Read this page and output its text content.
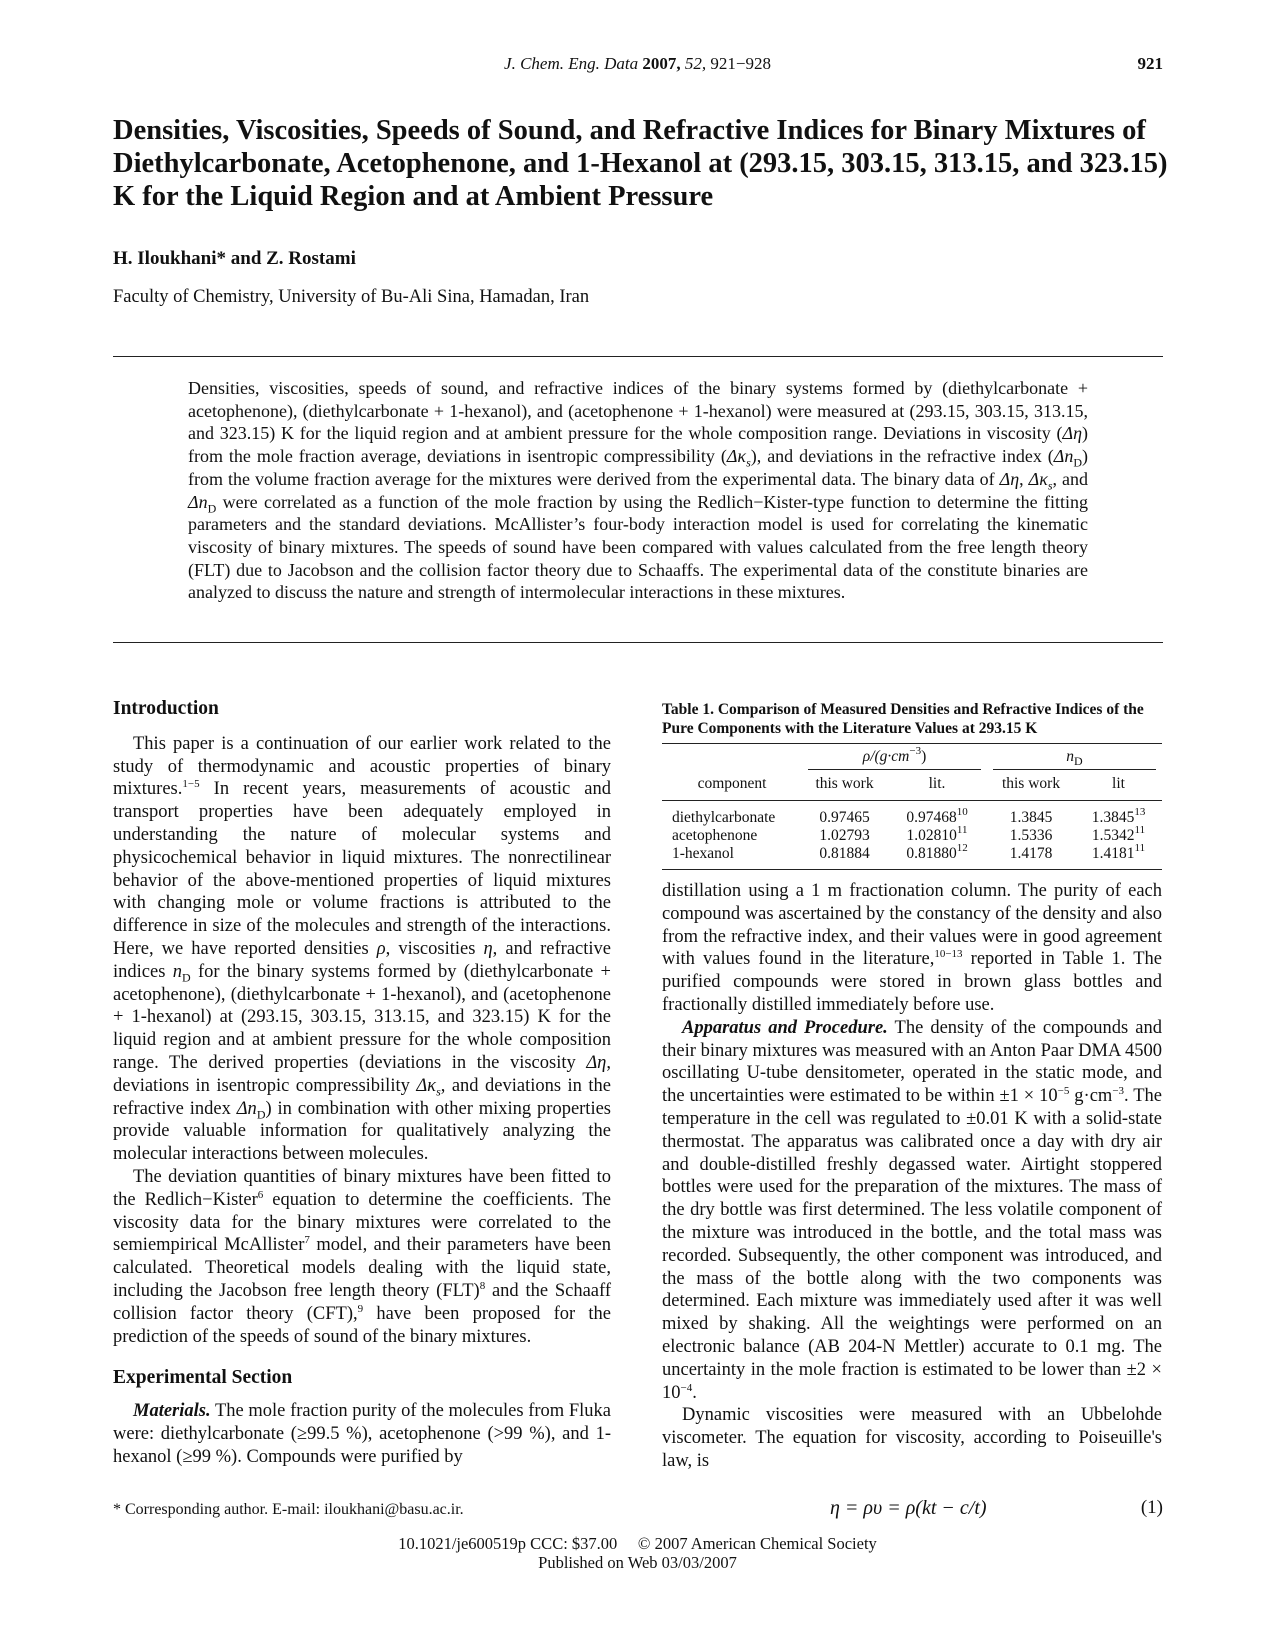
J. Chem. Eng. Data 2007, 52, 921−928	921
Densities, Viscosities, Speeds of Sound, and Refractive Indices for Binary Mixtures of Diethylcarbonate, Acetophenone, and 1-Hexanol at (293.15, 303.15, 313.15, and 323.15) K for the Liquid Region and at Ambient Pressure
H. Iloukhani* and Z. Rostami
Faculty of Chemistry, University of Bu-Ali Sina, Hamadan, Iran
Densities, viscosities, speeds of sound, and refractive indices of the binary systems formed by (diethylcarbonate + acetophenone), (diethylcarbonate + 1-hexanol), and (acetophenone + 1-hexanol) were measured at (293.15, 303.15, 313.15, and 323.15) K for the liquid region and at ambient pressure for the whole composition range. Deviations in viscosity (Δη) from the mole fraction average, deviations in isentropic compressibility $(\Delta\kappa_s)$, and deviations in the refractive index $(\Delta n_D)$ from the volume fraction average for the mixtures were derived from the experimental data. The binary data of Δη, $\Delta\kappa_s$, and $\Delta n_D$ were correlated as a function of the mole fraction by using the Redlich−Kister-type function to determine the fitting parameters and the standard deviations. McAllister’s four-body interaction model is used for correlating the kinematic viscosity of binary mixtures. The speeds of sound have been compared with values calculated from the free length theory (FLT) due to Jacobson and the collision factor theory due to Schaaffs. The experimental data of the constitute binaries are analyzed to discuss the nature and strength of intermolecular interactions in these mixtures.
Introduction

This paper is a continuation of our earlier work related to the study of thermodynamic and acoustic properties of binary mixtures.$^{1-5}$ In recent years, measurements of acoustic and transport properties have been adequately employed in understanding the nature of molecular systems and physicochemical behavior in liquid mixtures. The nonrectilinear behavior of the above-mentioned properties of liquid mixtures with changing mole or volume fractions is attributed to the difference in size of the molecules and strength of the interactions. Here, we have reported densities ρ, viscosities η, and refractive indices $n_D$ for the binary systems formed by (diethylcarbonate + acetophenone), (diethylcarbonate + 1-hexanol), and (acetophenone + 1-hexanol) at (293.15, 303.15, 313.15, and 323.15) K for the liquid region and at ambient pressure for the whole composition range. The derived properties (deviations in the viscosity Δη, deviations in isentropic compressibility $\Delta\kappa_s$, and deviations in the refractive index $\Delta n_D$) in combination with other mixing properties provide valuable information for qualitatively analyzing the molecular interactions between molecules.

The deviation quantities of binary mixtures have been fitted to the Redlich−Kister$^6$ equation to determine the coefficients. The viscosity data for the binary mixtures were correlated to the semiempirical McAllister$^7$ model, and their parameters have been calculated. Theoretical models dealing with the liquid state, including the Jacobson free length theory (FLT)$^8$ and the Schaaff collision factor theory (CFT),$^9$ have been proposed for the prediction of the speeds of sound of the binary mixtures.

Experimental Section

Materials. The mole fraction purity of the molecules from Fluka were: diethylcarbonate (≥99.5 %), acetophenone (>99 %), and 1-hexanol (≥99 %). Compounds were purified by

Table 1. Comparison of Measured Densities and Refractive Indices of the Pure Components with the Literature Values at 293.15 K
	$\rho/(g\cdot cm^{-3})$		$n_D$

component	this work	lit.	this work	lit

diethylcarbonate	0.97465	0.97468$^{10}$	1.3845	1.3845$^{13}$
acetophenone	1.02793	1.02810$^{11}$	1.5336	1.5342$^{11}$
1-hexanol	0.81884	0.81880$^{12}$	1.4178	1.4181$^{11}$

distillation using a 1 m fractionation column. The purity of each compound was ascertained by the constancy of the density and also from the refractive index, and their values were in good agreement with values found in the literature,$^{10-13}$ reported in Table 1. The purified compounds were stored in brown glass bottles and fractionally distilled immediately before use.

Apparatus and Procedure. The density of the compounds and their binary mixtures was measured with an Anton Paar DMA 4500 oscillating U-tube densitometer, operated in the static mode, and the uncertainties were estimated to be within $\pm 1 \times 10^{-5}$ $g\cdot cm^{-3}$. The temperature in the cell was regulated to ±0.01 K with a solid-state thermostat. The apparatus was calibrated once a day with dry air and double-distilled freshly degassed water. Airtight stoppered bottles were used for the preparation of the mixtures. The mass of the dry bottle was first determined. The less volatile component of the mixture was introduced in the bottle, and the total mass was recorded. Subsequently, the other component was introduced, and the mass of the bottle along with the two components was determined. Each mixture was immediately used after it was well mixed by shaking. All the weightings were performed on an electronic balance (AB 204-N Mettler) accurate to 0.1 mg. The uncertainty in the mole fraction is estimated to be lower than $\pm 2 \times 10^{-4}$.

Dynamic viscosities were measured with an Ubbelohde viscometer. The equation for viscosity, according to Poiseuille's law, is

* Corresponding author. E-mail: iloukhani@basu.ac.ir.	η = ρυ = ρ(kt − c/t)	(1)
10.1021/je600519p CCC: $37.00 © 2007 American Chemical Society
Published on Web 03/03/2007
